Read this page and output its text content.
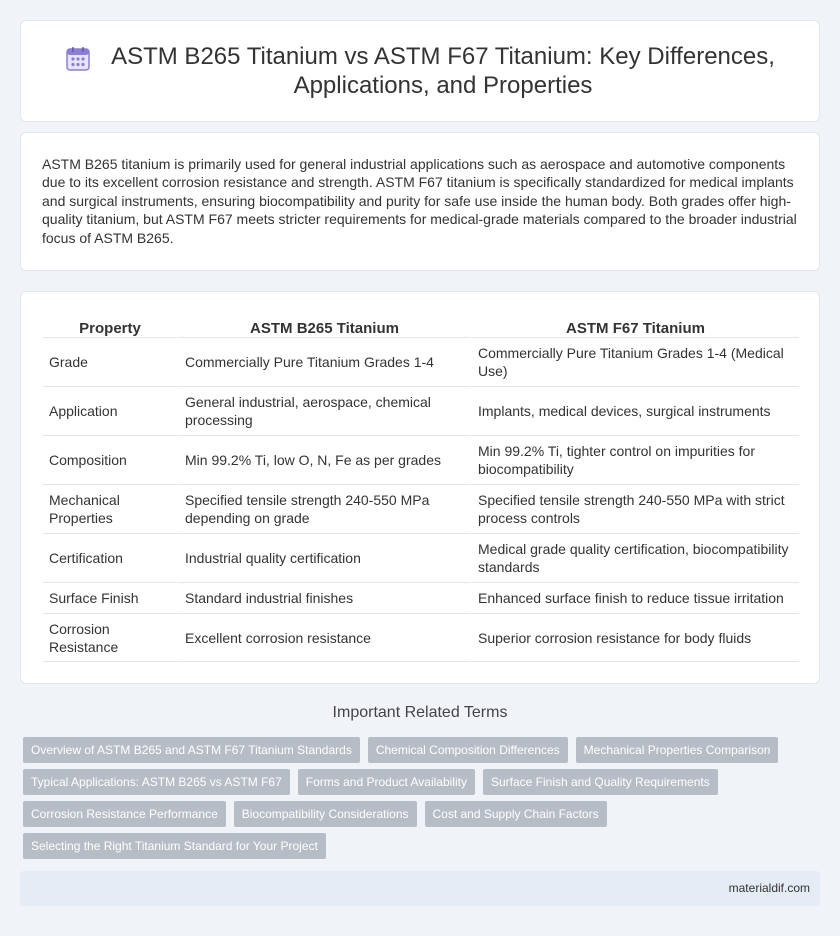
ASTM B265 Titanium vs ASTM F67 Titanium: Key Differences,
Applications, and Properties

ASTM B265 titanium is primarily used for general industrial applications such as aerospace and automotive components due to its excellent corrosion resistance and strength. ASTM F67 titanium is specifically standardized for medical implants and surgical instruments, ensuring biocompatibility and purity for safe use inside the human body. Both grades offer high-quality titanium, but ASTM F67 meets stricter requirements for medical-grade materials compared to the broader industrial focus of ASTM B265.

Property	ASTM B265 Titanium	ASTM F67 Titanium
Grade	Commercially Pure Titanium Grades 1-4	Commercially Pure Titanium Grades 1-4 (Medical Use)
Application	General industrial, aerospace, chemical processing	Implants, medical devices, surgical instruments
Composition	Min 99.2% Ti, low O, N, Fe as per grades	Min 99.2% Ti, tighter control on impurities for biocompatibility
Mechanical Properties	Specified tensile strength 240-550 MPa depending on grade	Specified tensile strength 240-550 MPa with strict process controls
Certification	Industrial quality certification	Medical grade quality certification, biocompatibility standards
Surface Finish	Standard industrial finishes	Enhanced surface finish to reduce tissue irritation
Corrosion Resistance	Excellent corrosion resistance	Superior corrosion resistance for body fluids
Important Related Terms
Overview of ASTM B265 and ASTM F67 Titanium Standards	Chemical Composition Differences	Mechanical Properties Comparison
Typical Applications: ASTM B265 vs ASTM F67	Forms and Product Availability	Surface Finish and Quality Requirements
Corrosion Resistance Performance	Biocompatibility Considerations	Cost and Supply Chain Factors
Selecting the Right Titanium Standard for Your Project
materialdif.com
